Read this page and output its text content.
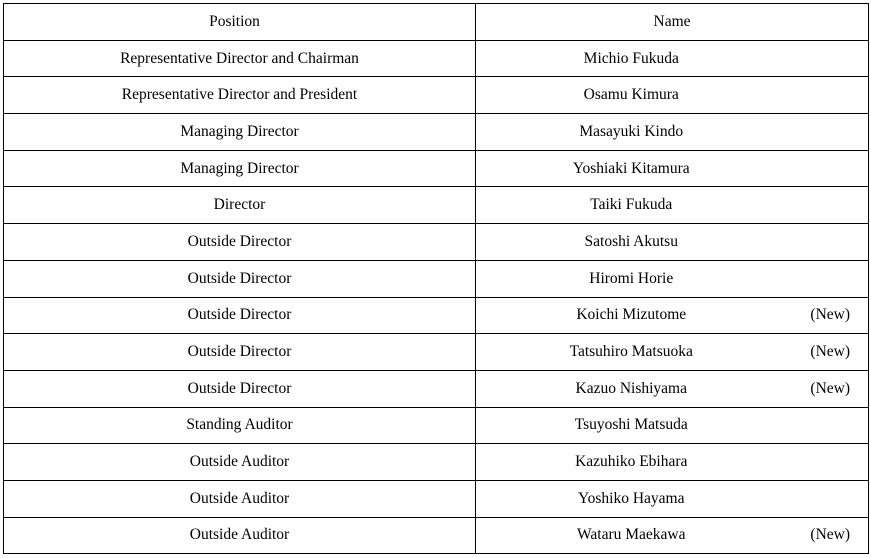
Position	Name	
Representative Director and Chairman	Michio Fukuda	
Representative Director and President	Osamu Kimura	
Managing Director	Masayuki Kindo	
Managing Director	Yoshiaki Kitamura	
Director	Taiki Fukuda	
Outside Director	Satoshi Akutsu	
Outside Director	Hiromi Horie	
Outside Director	Koichi Mizutome	(New)
Outside Director	Tatsuhiro Matsuoka	(New)
Outside Director	Kazuo Nishiyama	(New)
Standing Auditor	Tsuyoshi Matsuda	
Outside Auditor	Kazuhiko Ebihara	
Outside Auditor	Yoshiko Hayama	
Outside Auditor	Wataru Maekawa	(New)
